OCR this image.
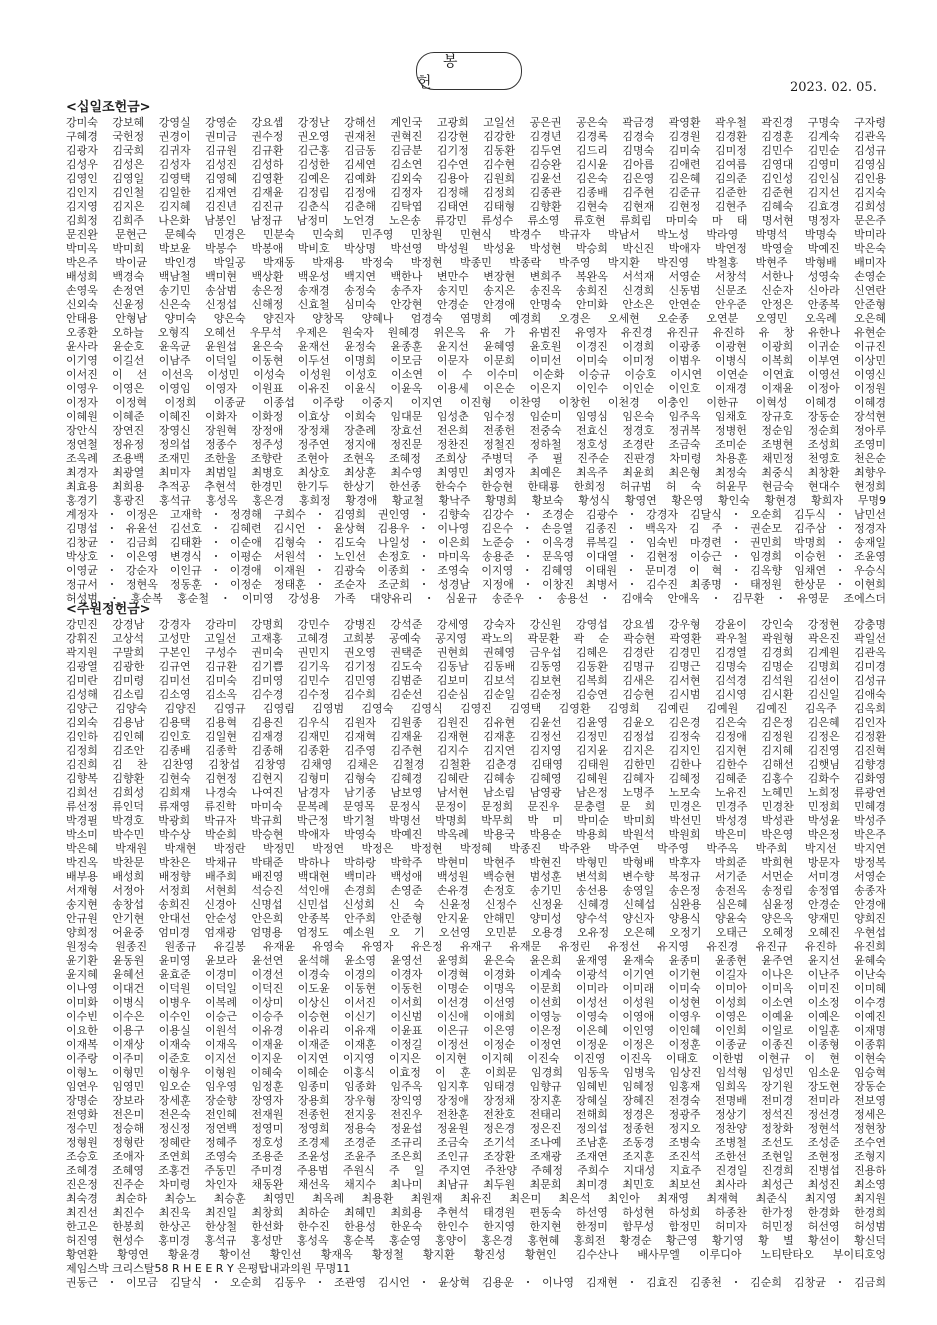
봉 헌	2023. 02. 05.
<십일조헌금>
강미숙 강보혜 강영실 강영순 강요셉 강정난 강해선 계인국 고광희 고일선 공은권 공은숙 곽금경 곽영환 곽우철 곽진경 구명숙 구자령
구혜경 국헌정 권경이 권미금 권수정 권오영 권재천 권혁진 김강현 김강한 김경년 김경록 김경숙 김경원 김경환 김경훈 김계숙 김관옥
김광자 김국희 김귀자 김규원 김규환 김근홍 김금동 김금분 김기정 김동환 김두연 김드리 김명숙 김미숙 김미정 김민수 김민순 김성규
김성우 김성은 김성자 김성진 김성하 김성한 김세연 김소연 김수연 김수현 김승완 김시윤 김아름 김애련 김여름 김영대 김영미 김영심
김영인 김영일 김영택 김영혜 김영환 김예은 김예화 김외숙 김용아 김원희 김윤선 김은숙 김은영 김은혜 김의준 김인성 김인심 김인용
김인지 김인철 김일한 김재연 김재윤 김정림 김정애 김정자 김정해 김정희 김종관 김종배 김주현 김준규 김준한 김준현 김지선 김지숙
김지영 김지은 김지혜 김진년 김진규 김춘식 김춘해 김탁엽 김태연 김태형 김향환 김현숙 김현재 김현정 김현주 김혜숙 김효경 김희성
김희정 김희주 나은화 남봉인 남정규 남정미 노언경 노은송 류강민 류성수 류소영 류호현 류희림 마미숙 마 태 명서현 명정자 문은주
문진완 문현근 문혜숙 민경은 민분숙 민숙희 민주영 민창원 민현식 박경수 박규자 박남서 박노성 박라영 박명석 박명숙 박미라
박미옥 박미희 박보윤 박봉수 박봉애 박비호 박상명 박선영 박성원 박성윤 박성현 박승희 박신진 박애자 박연정 박영술 박예진 박은숙
박은주 박이균 박인경 박일공 박재동 박재용 박정숙 박정현 박종민 박종락 박주영 박지환 박진영 박철홍 박현주 박형배 배미자
배성희 백경숙 백남철 백미현 백상환 백운성 백지연 백한나 변만수 변장현 변희주 복완옥 서석재 서영순 서창석 서한나 성영숙 손영순
손영욱 손정연 송기민 송삼범 송은정 송재경 송정숙 송주자 송지민 송지은 송진옥 송희진 신경희 신동범 신문조 신순자 신아라 신연란
신외숙 신윤정 신은숙 신정섭 신해정 신효철 심미숙 안강현 안경순 안경애 안명숙 안미화 안소은 안연순 안우준 안정은 안종복 안준형
안태용 안형남 양미숙 양은숙 양진자 양창목 양혜나 엄경숙 염명희 예경희 오경은 오세현 오순종 오연분 오영민 오옥례 오은혜
오종환 오하늘 오형직 오혜선 우무석 우제은 원숙자 원혜경 위은옥 유 가 유범진 유영자 유진경 유진규 유진하 유 창 유한나 유현순
윤사라 윤순호 윤옥균 윤원섭 윤은숙 윤재선 윤정숙 윤종훈 윤지선 윤혜영 윤호원 이경진 이경희 이광종 이광현 이광희 이귀순 이규진
이기영 이길선 이남주 이덕일 이동현 이두선 이명희 이모금 이문자 이문희 이미선 이미숙 이미정 이범우 이병식 이복희 이부연 이상민
이서진 이 선 이선옥 이성민 이성숙 이성원 이성호 이소연 이 수 이수미 이순화 이승규 이승호 이시연 이연순 이연효 이영선 이영신
이영우 이영은 이영임 이영자 이원표 이유진 이윤식 이윤옥 이용세 이은순 이은지 이인수 이인순 이인호 이재경 이재윤 이정아 이정원
이정자 이정혁 이정희 이종균 이종섭 이주랑 이중지 이지연 이진형 이찬영 이창헌 이천경 이충인 이한규 이혁성 이혜경 이혜경
이혜원 이혜준 이혜진 이화자 이화정 이효상 이희숙 임대문 임성춘 임수정 임순미 임영심 임은숙 임주옥 임채호 장규호 장동순 장석현
장안식 장연진 장영신 장원혁 장정애 장정채 장춘례 장효선 전은희 전종헌 전중숙 전효신 정경호 정귀복 정병헌 정순임 정순희 정아루
정연철 정유정 정의섭 정종수 정주성 정주연 정지애 정진문 정찬진 정철진 정하철 정호성 조경란 조금숙 조미순 조병현 조성희 조영미
조옥례 조용백 조재민 조한울 조향란 조현아 조현옥 조혜정 조희상 주병덕 주 필 진주순 진판경 차미령 차용훈 채민정 천영호 천은순
최경자 최광열 최미자 최범일 최병호 최상호 최상훈 최수영 최영민 최영자 최예은 최옥주 최윤희 최은형 최정숙 최중식 최창환 최향우
최효용 최희용 추적공 추현석 한경민 한기두 한상기 한선종 한숙수 한승현 한태룡 한희정 허규범 허 숙 허윤무 현금숙 현대수 현정희
홍경기 홍광진 홍석규 홍성옥 홍은경 홍희정 황경애 황교철 황낙주 황명희 황보숙 황성식 황영연 황은영 황인숙 황현경 황희자 무명9
계정자・이정은 고재학・정경해 구희수・김영희 권인영・김향숙 김강수・조경순 김광수・강경자 김달식・오순희 김두식・남민선
김명섭・유윤선 김선호・김혜련 김시언・윤상혁 김용우・이나영 김은수・손응열 김종진・백옥자 김 주・권순모 김주삼・정경자
김창균・김금희 김태환・이순애 김형숙・김도숙 나일성・이은희 노준승・이옥경 류복길・임숙빈 마경련・권민희 박명희・송재일
박상호・이은영 변경식・이평순 서원석・노인선 손정호・마미옥 송용준・문옥영 이대열・김현정 이승근・임경희 이승헌・조윤영
이영균・강순자 이인규・이경애 이재원・김광숙 이종희・조영숙 이지영・김혜영 이태원・문미경 이 혁・김옥향 임채연・우승식
정규서・정현옥 정동훈・이정순 정태훈・조순자 조군희・성경남 지정애・이창진 최병서・김수진 최종명・태정원 한상문・이현희
허성범・홍순복 홍순철・이미영 강성용 가족 대양유리・심윤규 송준우・송용선・김애숙 안애옥・김무환・유영문 조에스더
<주원정헌금>
강민진 강경남 강경자 강라미 강명희 강민수 강병진 강석준 강세영 강숙자 강신원 강영섭 강요셉 강우형 강윤이 강인숙 강정현 강충명
강휘진 고상석 고성만 고일선 고재홍 고혜경 고희봉 공예숙 공지영 곽노의 곽문환 곽 순 곽승현 곽영환 곽우철 곽원형 곽은진 곽일선
곽지원 구말희 구본인 구성수 권미숙 권민지 권오영 권택준 권현희 권혜영 금우섭 김혜은 김경란 김경민 김경열 김경희 김계원 김관옥
김광열 김광한 김규연 김규환 김기쁨 김기옥 김기정 김도숙 김동남 김동배 김동영 김동환 김명규 김명근 김명숙 김명순 김명희 김미경
김미란 김미령 김미선 김미숙 김미영 김민수 김민영 김범준 김보미 김보석 김보현 김복희 김새은 김서현 김석경 김석원 김선이 김성규
김성해 김소림 김소영 김소옥 김수경 김수정 김수희 김순선 김순심 김순일 김순정 김승연 김승현 김시범 김시영 김시환 김신일 김애숙
김양근 김양숙 김양진 김영규 김영림 김영범 김영숙 김영식 김영진 김영택 김영환 김영희 김예린 김예원 김예진 김옥주 김옥희
김외숙 김용남 김용택 김용혁 김용진 김우식 김원자 김원종 김원진 김유현 김윤선 김윤영 김윤오 김은경 김은숙 김은정 김은혜 김인자
김인하 김인혜 김인호 김일현 김재경 김재민 김재혁 김재윤 김재현 김재훈 김정선 김정민 김정섭 김정숙 김정애 김정원 김정은 김정환
김정희 김조안 김종배 김종학 김종해 김종환 김주영 김주현 김지수 김지연 김지영 김지윤 김지은 김지인 김지현 김지혜 김진영 김진혁
김진희 김 찬 김찬영 김창섭 김창영 김채영 김채은 김철경 김철환 김춘경 김태영 김태원 김한민 김한나 김한수 김해선 김햇님 김향경
김향복 김향환 김현숙 김현정 김현지 김형미 김형숙 김혜경 김혜란 김혜송 김혜영 김혜원 김혜자 김혜정 김혜준 김홍수 김화수 김화영
김희선 김희성 김희재 나경숙 나여진 남경자 남기종 남보영 남서현 남소림 남영광 남은정 노명주 노모숙 노유진 노혜민 노희정 류광연
류선정 류인덕 류재영 류진학 마미숙 문복례 문영목 문정식 문정이 문정희 문진우 문충렬 문 희 민경은 민경주 민경찬 민정희 민혜경
박경필 박경호 박광희 박규자 박규희 박근정 박기철 박명선 박명희 박무희 박 미 박미순 박미희 박선민 박성경 박성관 박성윤 박성주
박소미 박수민 박수상 박순희 박승현 박애자 박영숙 박예진 박옥례 박용국 박용순 박용희 박원석 박원희 박은미 박은영 박은정 박은주
박은혜 박재원 박재현 박정란 박정민 박정연 박정은 박정현 박정혜 박종진 박주완 박주연 박주영 박주옥 박주희 박지선 박지연
박진옥 박찬문 박찬은 박채규 박태준 박하나 박하랑 박학주 박현미 박현주 박현진 박형민 박형배 박후자 박희준 박희현 방문자 방정복
배부용 배성희 배정향 배주희 배진영 백대현 백미라 백성애 백성원 백승현 범성훈 변석희 변수향 복정규 서기준 서먼순 서미경 서영순
서재형 서정아 서정희 서현희 석승진 석인애 손경희 손영준 손유경 손정호 송기민 송선용 송영일 송은정 송전옥 송정림 송정엽 송종자
송지현 송창섭 송희진 신경아 신명섭 신민섭 신성희 신 숙 신윤정 신정수 신정윤 신혜경 신혜섭 심완용 심은혜 심윤정 안경순 안경애
안규원 안기현 안대선 안순성 안은희 안종복 안주희 안준형 안지윤 안해민 양미성 양수석 양신자 양용식 양윤숙 양은옥 양재민 양희진
양희정 어윤중 엄미경 엄재광 엄명용 엄정도 예소원 오 기 오선영 오민분 오용경 오유정 오은혜 오정기 오태근 오혜정 오혜진 우현섭
원정숙 원종진 원종규 유길봉 유재윤 유영숙 유영자 유은정 유재구 유재문 유정린 유정선 유지영 유진경 유진규 유진하 유진희
윤기환 윤동원 윤미영 윤보라 윤선연 윤석해 윤소영 윤영선 윤영희 윤은숙 윤은희 윤재영 윤재숙 윤종미 윤종현 윤주연 윤지선 윤혜숙
윤지혜 윤혜선 윤효준 이경미 이경선 이경숙 이경의 이경자 이경혁 이경화 이계숙 이광석 이기연 이기현 이길자 이나은 이난주 이난숙
이나영 이대건 이덕원 이덕일 이덕진 이도윤 이동현 이동헌 이명순 이명옥 이문희 이미라 이미래 이미숙 이미아 이미옥 이미진 이미혜
이미화 이병식 이병우 이복례 이상미 이상신 이서진 이서희 이선경 이선영 이선희 이성선 이성원 이성현 이성희 이소연 이소정 이수경
이수빈 이수은 이수인 이승근 이승주 이승현 이신기 이신범 이신애 이애희 이영능 이영숙 이영애 이영우 이영은 이예윤 이예은 이예진
이요한 이용구 이용실 이원석 이유경 이유리 이유재 이윤표 이은규 이은영 이은정 이은혜 이인영 이인혜 이인희 이일로 이일훈 이재명
이재복 이재상 이재숙 이재옥 이재윤 이재준 이재훈 이정길 이정선 이정순 이정연 이정운 이정은 이정훈 이종균 이종진 이종형 이종휘
이주랑 이주미 이준호 이지선 이지운 이지연 이지영 이지은 이지현 이지혜 이진숙 이진영 이진옥 이태호 이한범 이현규 이 현 이현숙
이형노 이형민 이형우 이형원 이혜숙 이혜순 이홍식 이효정 이 훈 이희문 임경희 임동욱 임병욱 임상진 임석형 임성민 임소운 임승혁
임연우 임영민 임오순 임우영 임정훈 임종미 임종화 임주옥 임지후 임태경 임향규 임혜빈 임혜정 임홍재 임희옥 장기원 장도현 장동순
장명순 장보라 장세훈 장순향 장영자 장용희 장우형 장익영 장정애 장정채 장지훈 장혜실 장혜진 전경숙 전명배 전미경 전미라 전보영
전영화 전은미 전은숙 전인혜 전재원 전종헌 전지웅 전진우 전찬훈 전찬호 전태리 전해희 정경은 정광주 정상기 정석진 정선경 정세은
정수민 정승해 정신정 정연백 정영미 정영희 정용숙 정윤섭 정윤원 정은경 정은진 정의섭 정종헌 정지오 정찬양 정창화 정현석 정현창
정형원 정형란 정혜란 정혜주 정호성 조경제 조경준 조규리 조금숙 조기석 조나예 조남훈 조동경 조병숙 조병철 조선도 조성준 조수연
조승호 조애자 조연희 조영숙 조용준 조윤성 조윤주 조은희 조인규 조장환 조재광 조재연 조지훈 조진석 조한선 조현일 조현정 조형지
조혜경 조혜영 조홍건 주동민 주미경 주용범 주원식 주 일 주지연 주찬양 주혜정 주희수 지대성 지효주 진경일 진경희 진병섭 진용하
진은정 진주순 차미령 차인자 채동완 채선옥 채지수 최나미 최남규 최두원 최문희 최미경 최민호 최보선 최사라 최성근 최성진 최소영
최숙경 최순하 최승노 최승훈 최영민 최옥례 최용환 최원재 최유진 최은미 최은석 최인아 최재영 최재혁 최준식 최지영 최지원
최진선 최진수 최진욱 최진일 최창희 최하순 최혜민 최희용 추현석 태경원 편동숙 하선영 하성현 하성희 하종찬 한가정 한경화 한경희
한고은 한봉희 한상곤 한상철 한선화 한수진 한용성 한운숙 한인수 한지영 한지현 한정미 함무성 함정민 허미자 허민정 허선영 허성범
허진영 현성수 홍미경 홍석규 홍성만 홍성옥 홍순복 홍순영 홍양이 홍은경 홍현혜 홍희전 황경순 황근영 황기영 황 별 황선이 황신덕
황연환 황영연 황윤경 황이선 황인선 황재옥 황정철 황지환 황진성 황현인 김수산나 배사무엘 이루디아 노티탄타오 부이티호엉
제임스박 크리스탈58 R H E E R Y 은평탑내과의원 무명11
권동근・이모금 김달식・오순희 김동우・조관영 김시언・윤상혁 김용운・이나영 김재현・김효진 김종천・김순희 김창균・김금희
